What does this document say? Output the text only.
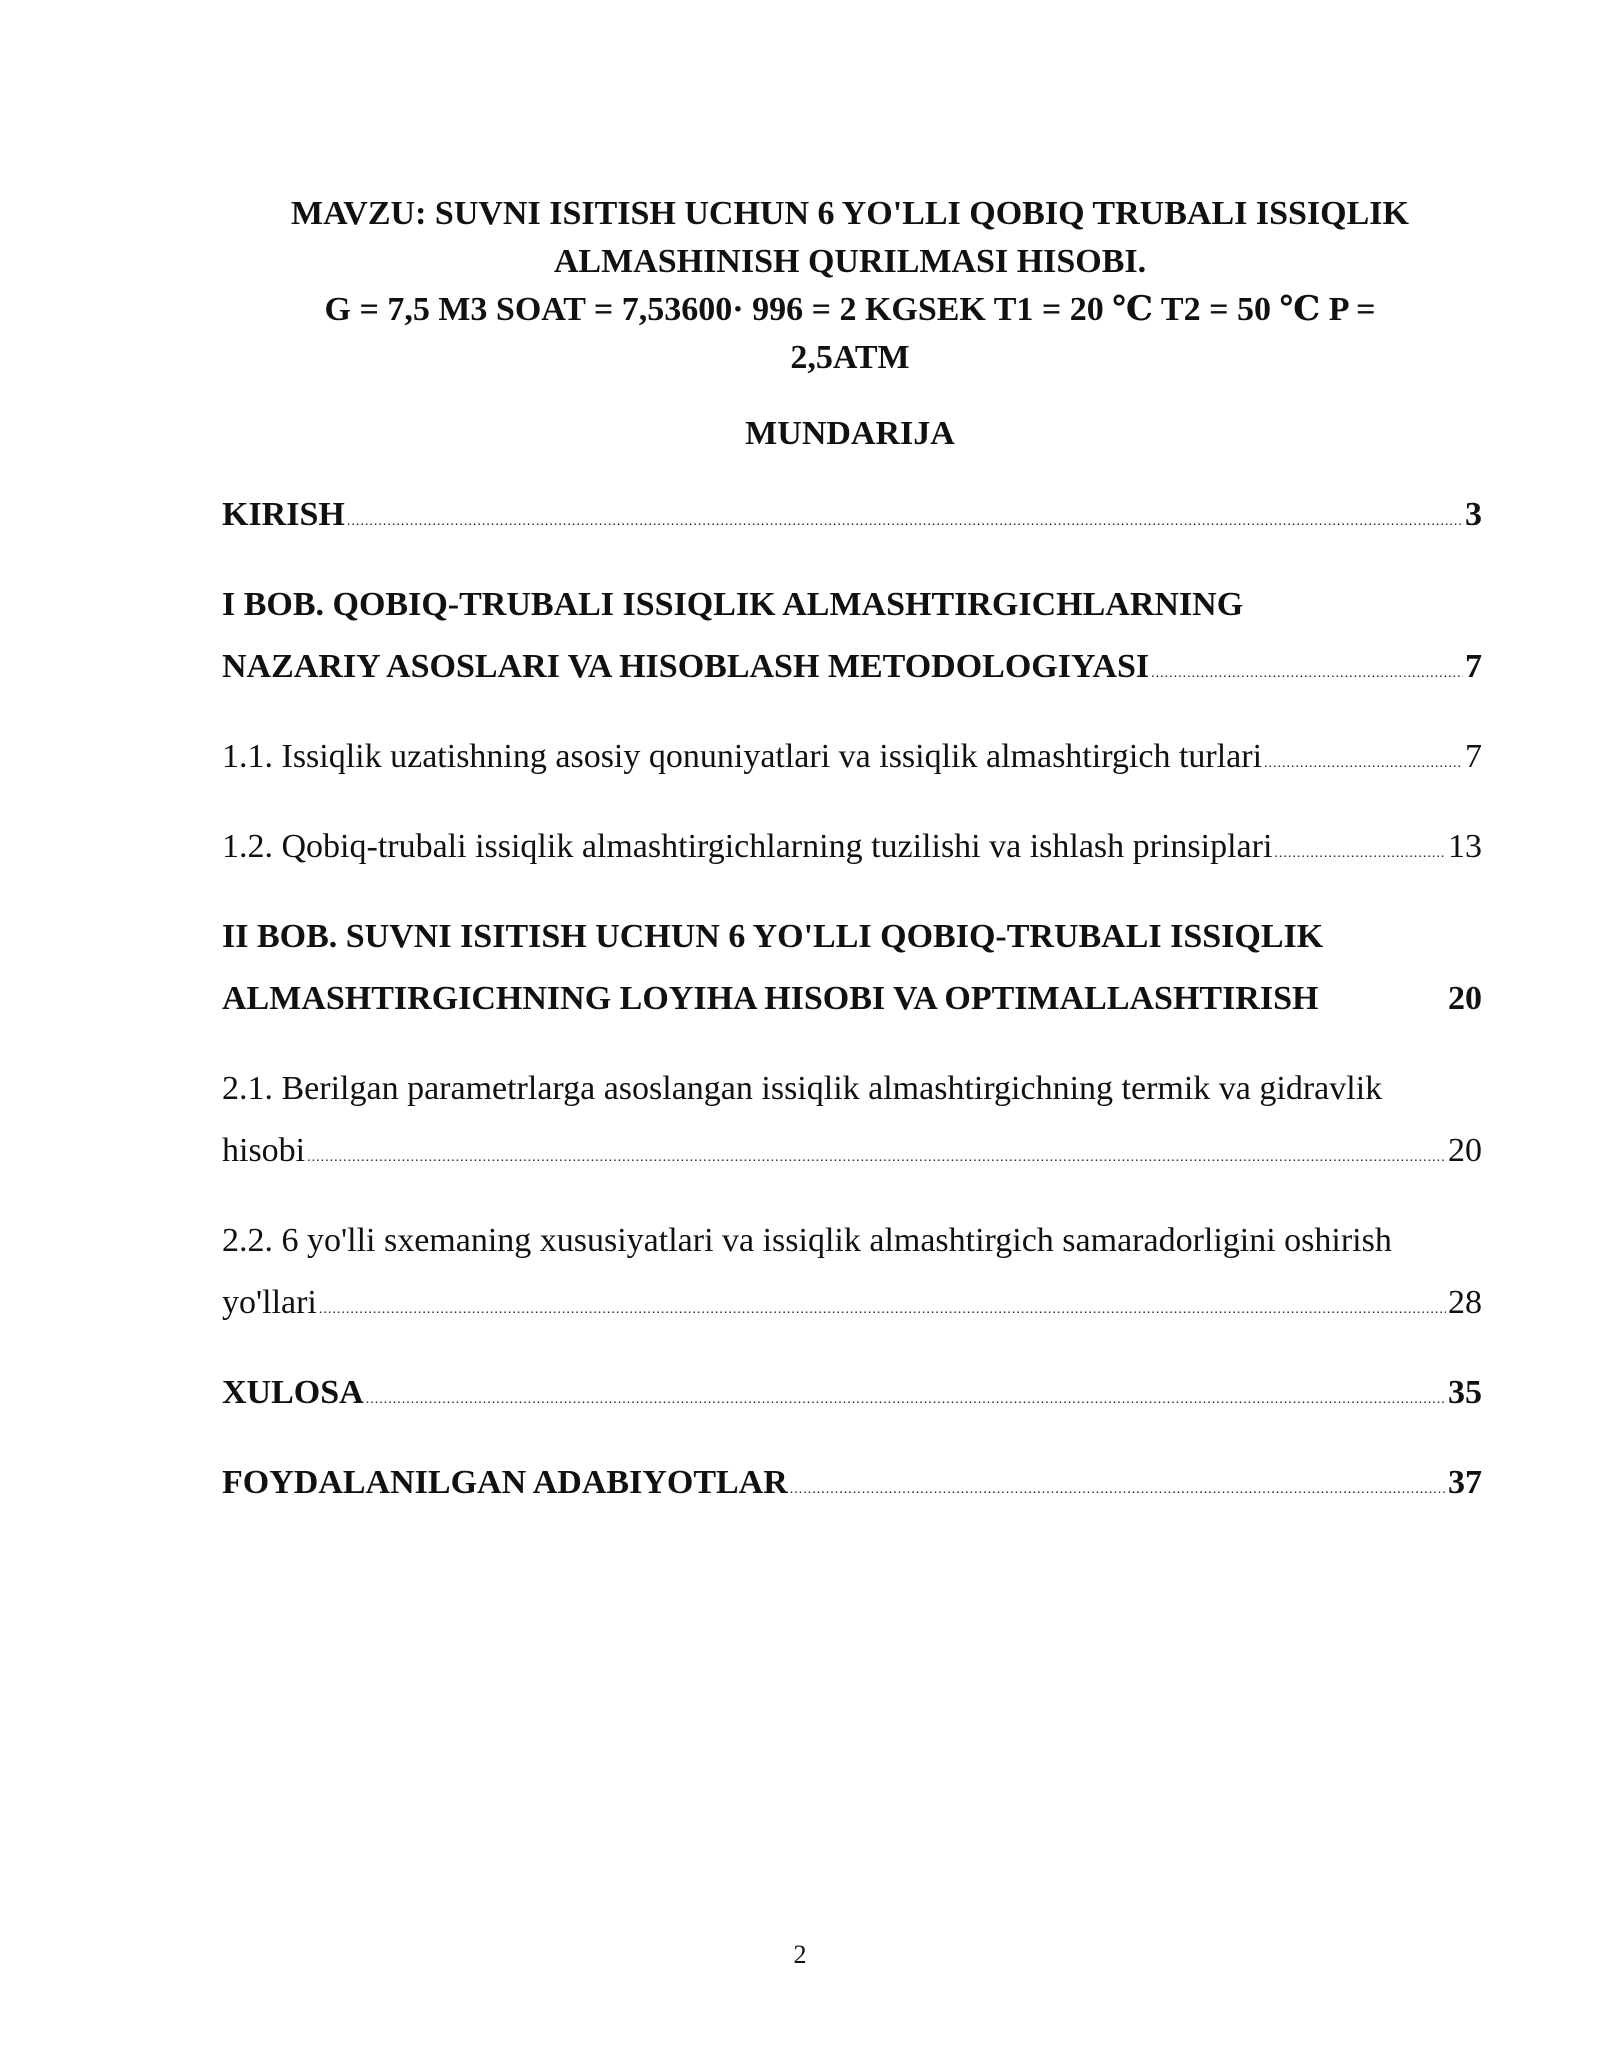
MAVZU: SUVNI ISITISH UCHUN 6 YO'LLI QOBIQ TRUBALI ISSIQLIK
ALMASHINISH QURILMASI HISOBI.
G = 7,5 M3 SOAT = 7,53600· 996 = 2 KGSEK T1 = 20 ℃ T2 = 50 ℃ P =
2,5ATM
MUNDARIJA
KIRISH .....	3
I BOB. QOBIQ-TRUBALI ISSIQLIK ALMASHTIRGICHLARNING
NAZARIY ASOSLARI VA HISOBLASH METODOLOGIYASI .....	7
1.1. Issiqlik uzatishning asosiy qonuniyatlari va issiqlik almashtirgich turlari .....	7
1.2. Qobiq-trubali issiqlik almashtirgichlarning tuzilishi va ishlash prinsiplari .....	13
II BOB. SUVNI ISITISH UCHUN 6 YO'LLI QOBIQ-TRUBALI ISSIQLIK
ALMASHTIRGICHNING LOYIHA HISOBI VA OPTIMALLASHTIRISH	20
2.1. Berilgan parametrlarga asoslangan issiqlik almashtirgichning termik va gidravlik
hisobi .....	20
2.2. 6 yo'lli sxemaning xususiyatlari va issiqlik almashtirgich samaradorligini oshirish
yo'llari .....	28
XULOSA .....	35
FOYDALANILGAN ADABIYOTLAR .....	37
2
